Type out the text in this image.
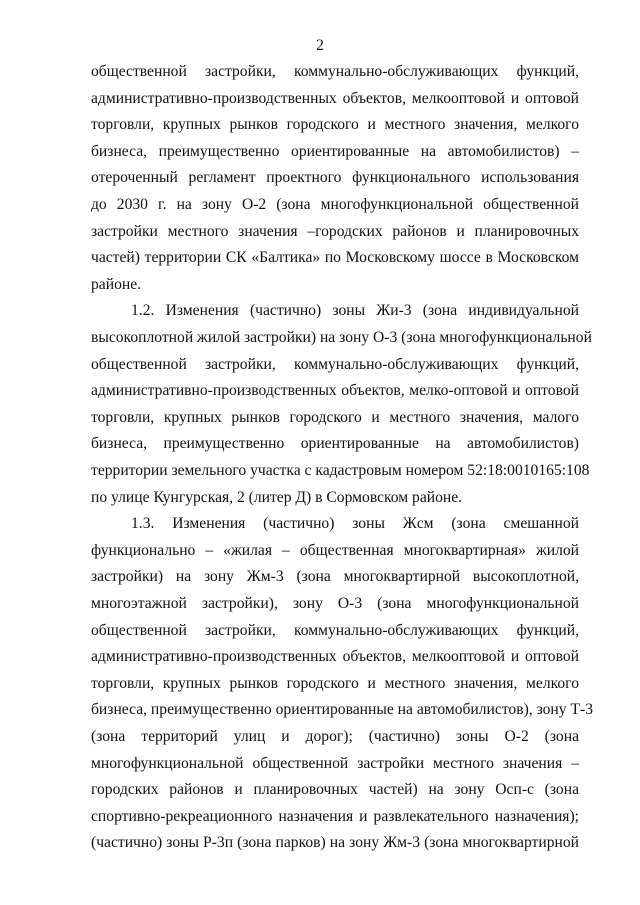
2
общественной застройки, коммунально-обслуживающих функций,
административно-производственных объектов, мелкооптовой и оптовой
торговли, крупных рынков городского и местного значения, мелкого
бизнеса, преимущественно ориентированные на автомобилистов) –
отероченный регламент проектного функционального использования
до 2030 г. на зону О-2 (зона многофункциональной общественной
застройки местного значения –городских районов и планировочных
частей) территории СК «Балтика» по Московскому шоссе в Московском
районе.
1.2. Изменения (частично) зоны Жи-3 (зона индивидуальной
высокоплотной жилой застройки) на зону О-3 (зона многофункциональной
общественной застройки, коммунально-обслуживающих функций,
административно-производственных объектов, мелко-оптовой и оптовой
торговли, крупных рынков городского и местного значения, малого
бизнеса, преимущественно ориентированные на автомобилистов)
территории земельного участка с кадастровым номером 52:18:0010165:108
по улице Кунгурская, 2 (литер Д) в Сормовском районе.
1.3. Изменения (частично) зоны Жсм (зона смешанной
функционально – «жилая – общественная многоквартирная» жилой
застройки) на зону Жм-3 (зона многоквартирной высокоплотной,
многоэтажной застройки), зону О-3 (зона многофункциональной
общественной застройки, коммунально-обслуживающих функций,
административно-производственных объектов, мелкооптовой и оптовой
торговли, крупных рынков городского и местного значения, мелкого
бизнеса, преимущественно ориентированные на автомобилистов), зону Т-3
(зона территорий улиц и дорог); (частично) зоны О-2 (зона
многофункциональной общественной застройки местного значения –
городских районов и планировочных частей) на зону Осп-с (зона
спортивно-рекреационного назначения и развлекательного назначения);
(частично) зоны Р-3п (зона парков) на зону Жм-3 (зона многоквартирной
